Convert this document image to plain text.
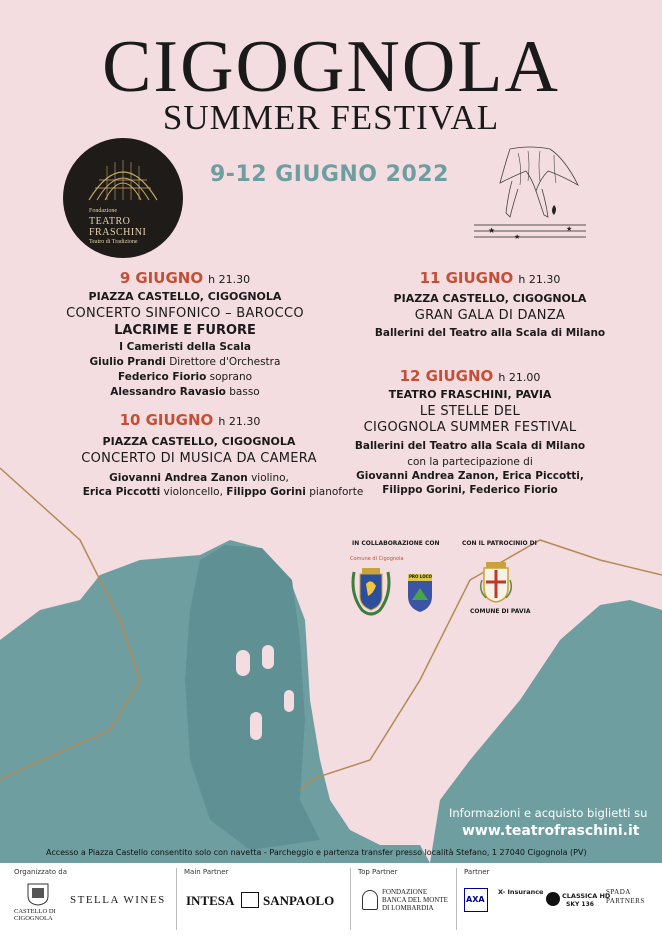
CIGOGNOLA
SUMMER FESTIVAL
9-12 GIUGNO 2022
Fondazione
TEATRO
FRASCHINI
Teatro di Tradizione
★
★
★
9 GIUGNO h 21.30
PIAZZA CASTELLO, CIGOGNOLA
CONCERTO SINFONICO – BAROCCO
LACRIME E FURORE
I Cameristi della Scala
Giulio Prandi Direttore d'Orchestra
Federico Fiorio soprano
Alessandro Ravasio basso
10 GIUGNO h 21.30
PIAZZA CASTELLO, CIGOGNOLA
CONCERTO DI MUSICA DA CAMERA
Giovanni Andrea Zanon violino,
Erica Piccotti violoncello, Filippo Gorini pianoforte
11 GIUGNO h 21.30
PIAZZA CASTELLO, CIGOGNOLA
GRAN GALA DI DANZA
Ballerini del Teatro alla Scala di Milano
12 GIUGNO h 21.00
TEATRO FRASCHINI, PAVIA
LE STELLE DEL
CIGOGNOLA SUMMER FESTIVAL
Ballerini del Teatro alla Scala di Milano
con la partecipazione di
Giovanni Andrea Zanon, Erica Piccotti,
Filippo Gorini, Federico Fiorio
IN COLLABORAZIONE CON
Comune di Cigognola
PRO LOCO
CON IL PATROCINIO DI
COMUNE DI PAVIA
Informazioni e acquisto biglietti su
www.teatrofraschini.it
Accesso a Piazza Castello consentito solo con navetta - Parcheggio e partenza transfer presso località Stefano, 1 27040 Cigognola (PV)
Organizzato da
CASTELLO DI CIGOGNOLA
STELLA WINES
Main Partner
INTESA SANPAOLO
Top Partner
FONDAZIONE
BANCA DEL MONTE
DI LOMBARDIA
Partner
AXA
X- Insurance	CLASSICA HD
SKY 136
SPADA
PARTNERS
